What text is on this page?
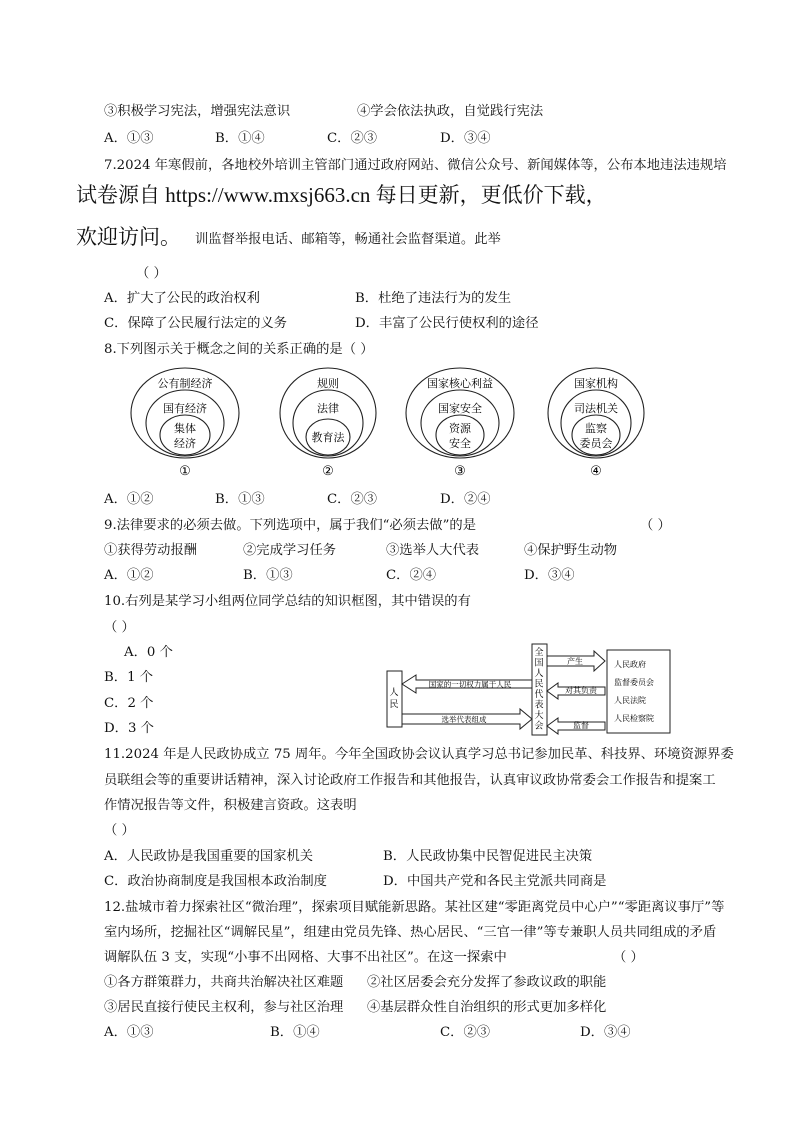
③积极学习宪法，增强宪法意识	④学会依法执政，自觉践行宪法
A．①③	B．①④	C．②③	D．③④
7.2024 年寒假前，各地校外培训主管部门通过政府网站、微信公众号、新闻媒体等，公布本地违法违规培
试卷源自 https://www.mxsj663.cn 每日更新，更低价下载，
欢迎访问。 训监督举报电话、邮箱等，畅通社会监督渠道。此举
（ ）
A．扩大了公民的政治权利	B．杜绝了违法行为的发生
C．保障了公民履行法定的义务	D．丰富了公民行使权利的途径
8.下列图示关于概念之间的关系正确的是（ ）
公有制经济
国有经济
集体
经济
①
规则
法律
教育法
②
国家核心利益
国家安全
资源
安全
③
国家机构
司法机关
监察
委员会
④
A．①②	B．①③	C．②③	D．②④
9.法律要求的必须去做。下列选项中，属于我们“必须去做”的是	（ ）
①获得劳动报酬	②完成学习任务	③选举人大代表	④保护野生动物
A．①②	B．①③	C．②④	D．③④
10.右列是某学习小组两位同学总结的知识框图，其中错误的有
（ ）
A．0 个
B．1 个
C．2 个
D．3 个
人
民
人民
全国人民代表大会
国家的一切权力属于人民
选举代表组成
产生
对其负责
监督
人民政府
监督委员会
人民法院
人民检察院
11.2024 年是人民政协成立 75 周年。今年全国政协会议认真学习总书记参加民革、科技界、环境资源界委
员联组会等的重要讲话精神，深入讨论政府工作报告和其他报告，认真审议政协常委会工作报告和提案工
作情况报告等文件，积极建言资政。这表明
（ ）
A．人民政协是我国重要的国家机关	B．人民政协集中民智促进民主决策
C．政治协商制度是我国根本政治制度	D．中国共产党和各民主党派共同商是
12.盐城市着力探索社区“微治理”，探索项目赋能新思路。某社区建“零距离党员中心户”“零距离议事厅”等
室内场所，挖掘社区“调解民星”，组建由党员先锋、热心居民、“三官一律”等专兼职人员共同组成的矛盾
调解队伍 3 支，实现“小事不出网格、大事不出社区”。在这一探索中	（ ）
①各方群策群力，共商共治解决社区难题 ②社区居委会充分发挥了参政议政的职能
③居民直接行使民主权利，参与社区治理 ④基层群众性自治组织的形式更加多样化
A．①③	B．①④	C．②③	D．③④
